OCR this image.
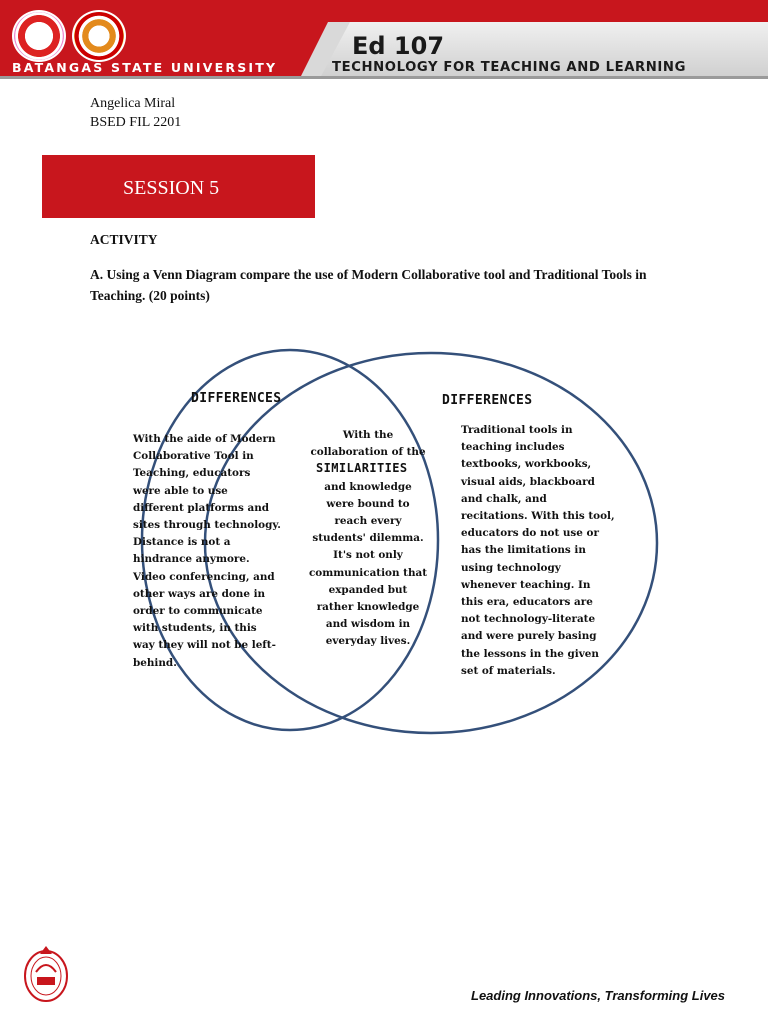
BATANGAS STATE UNIVERSITY
Ed 107
TECHNOLOGY FOR TEACHING AND LEARNING
Angelica Miral
BSED FIL 2201
SESSION 5
ACTIVITY
A. Using a Venn Diagram compare the use of Modern Collaborative tool and Traditional Tools in Teaching. (20 points)
DIFFERENCES
With the aide of Modern
Collaborative Tool in
Teaching, educators
were able to use
different platforms and
sites through technology.
Distance is not a
hindrance anymore.
Video conferencing, and
other ways are done in
order to communicate
with students, in this
way they will not be left-
behind.
SIMILARITIES
With the
collaboration of the

and knowledge
were bound to
reach every
students' dilemma.
It's not only
communication that
expanded but
rather knowledge
and wisdom in
everyday lives.
DIFFERENCES
Traditional tools in
teaching includes
textbooks, workbooks,
visual aids, blackboard
and chalk, and
recitations. With this tool,
educators do not use or
has the limitations in
using technology
whenever teaching. In
this era, educators are
not technology-literate
and were purely basing
the lessons in the given
set of materials.
Leading Innovations, Transforming Lives
